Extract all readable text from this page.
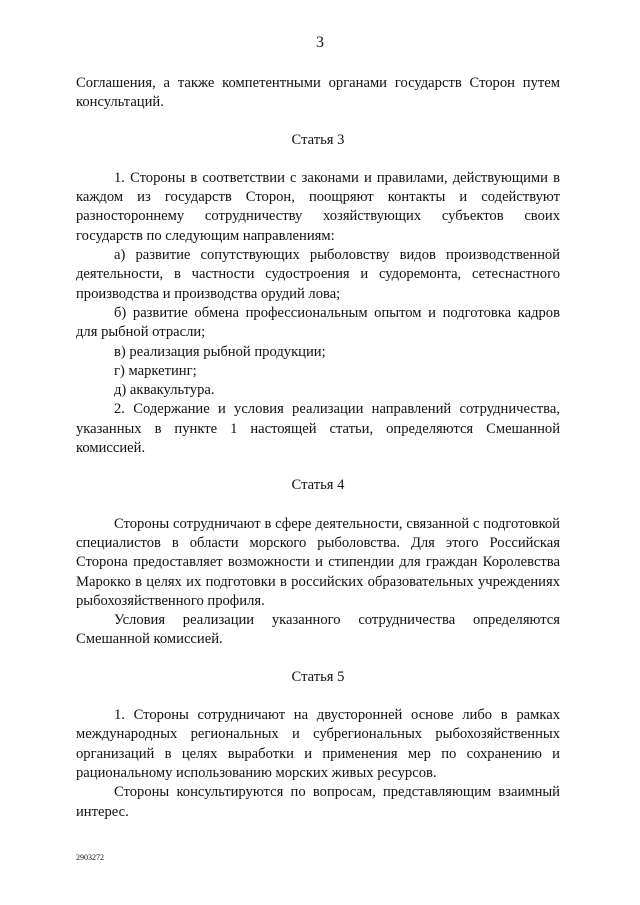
3

Соглашения, а также компетентными органами государств Сторон путем консультаций.

Статья 3

1. Стороны в соответствии с законами и правилами, действующими в каждом из государств Сторон, поощряют контакты и содействуют разностороннему сотрудничеству хозяйствующих субъектов своих государств по следующим направлениям:

а) развитие сопутствующих рыболовству видов производственной деятельности, в частности судостроения и судоремонта, сетеснастного производства и производства орудий лова;

б) развитие обмена профессиональным опытом и подготовка кадров для рыбной отрасли;

в) реализация рыбной продукции;

г) маркетинг;

д) аквакультура.

2. Содержание и условия реализации направлений сотрудничества, указанных в пункте 1 настоящей статьи, определяются Смешанной комиссией.

Статья 4

Стороны сотрудничают в сфере деятельности, связанной с подготовкой специалистов в области морского рыболовства. Для этого Российская Сторона предоставляет возможности и стипендии для граждан Королевства Марокко в целях их подготовки в российских образовательных учреждениях рыбохозяйственного профиля.

Условия реализации указанного сотрудничества определяются Смешанной комиссией.

Статья 5

1. Стороны сотрудничают на двусторонней основе либо в рамках международных региональных и субрегиональных рыбохозяйственных организаций в целях выработки и применения мер по сохранению и рациональному использованию морских живых ресурсов.

Стороны консультируются по вопросам, представляющим взаимный интерес.

2903272
